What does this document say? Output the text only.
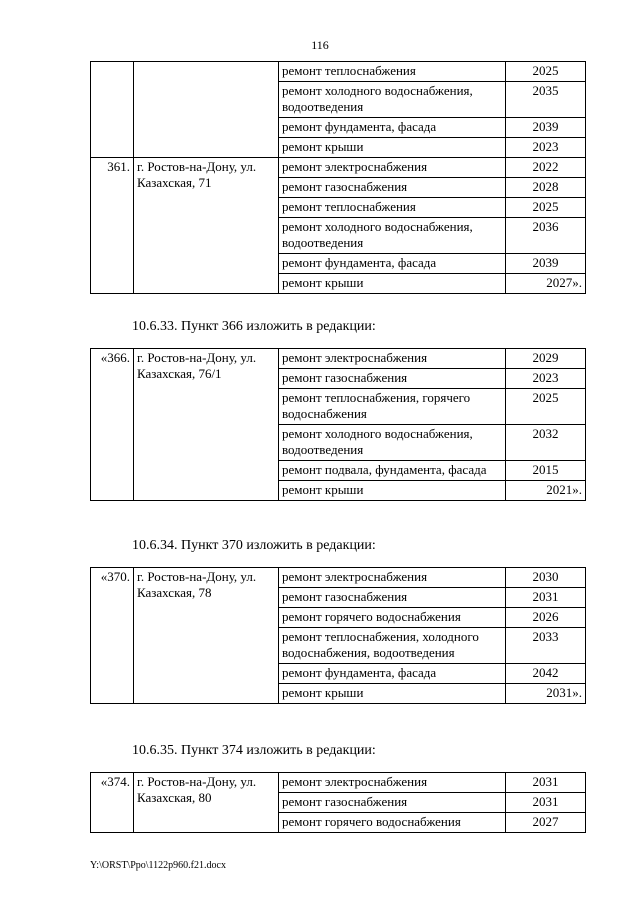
116
		ремонт теплоснабжения	2025
		ремонт холодного водоснабжения, водоотведения	2035
		ремонт фундамента, фасада	2039
		ремонт крыши	2023
361.	г. Ростов-на-Дону, ул. Казахская, 71	ремонт электроснабжения	2022
		ремонт газоснабжения	2028
		ремонт теплоснабжения	2025
		ремонт холодного водоснабжения, водоотведения	2036
		ремонт фундамента, фасада	2039
		ремонт крыши	2027».
10.6.33. Пункт 366 изложить в редакции:
«366.	г. Ростов-на-Дону, ул. Казахская, 76/1	ремонт электроснабжения	2029
		ремонт газоснабжения	2023
		ремонт теплоснабжения, горячего водоснабжения	2025
		ремонт холодного водоснабжения, водоотведения	2032
		ремонт подвала, фундамента, фасада	2015
		ремонт крыши	2021».
10.6.34. Пункт 370 изложить в редакции:
«370.	г. Ростов-на-Дону, ул. Казахская, 78	ремонт электроснабжения	2030
		ремонт газоснабжения	2031
		ремонт горячего водоснабжения	2026
		ремонт теплоснабжения, холодного водоснабжения, водоотведения	2033
		ремонт фундамента, фасада	2042
		ремонт крыши	2031».
10.6.35. Пункт 374 изложить в редакции:
«374.	г. Ростов-на-Дону, ул. Казахская, 80	ремонт электроснабжения	2031
		ремонт газоснабжения	2031
		ремонт горячего водоснабжения	2027
Y:\ORST\Ppo\1122p960.f21.docx
